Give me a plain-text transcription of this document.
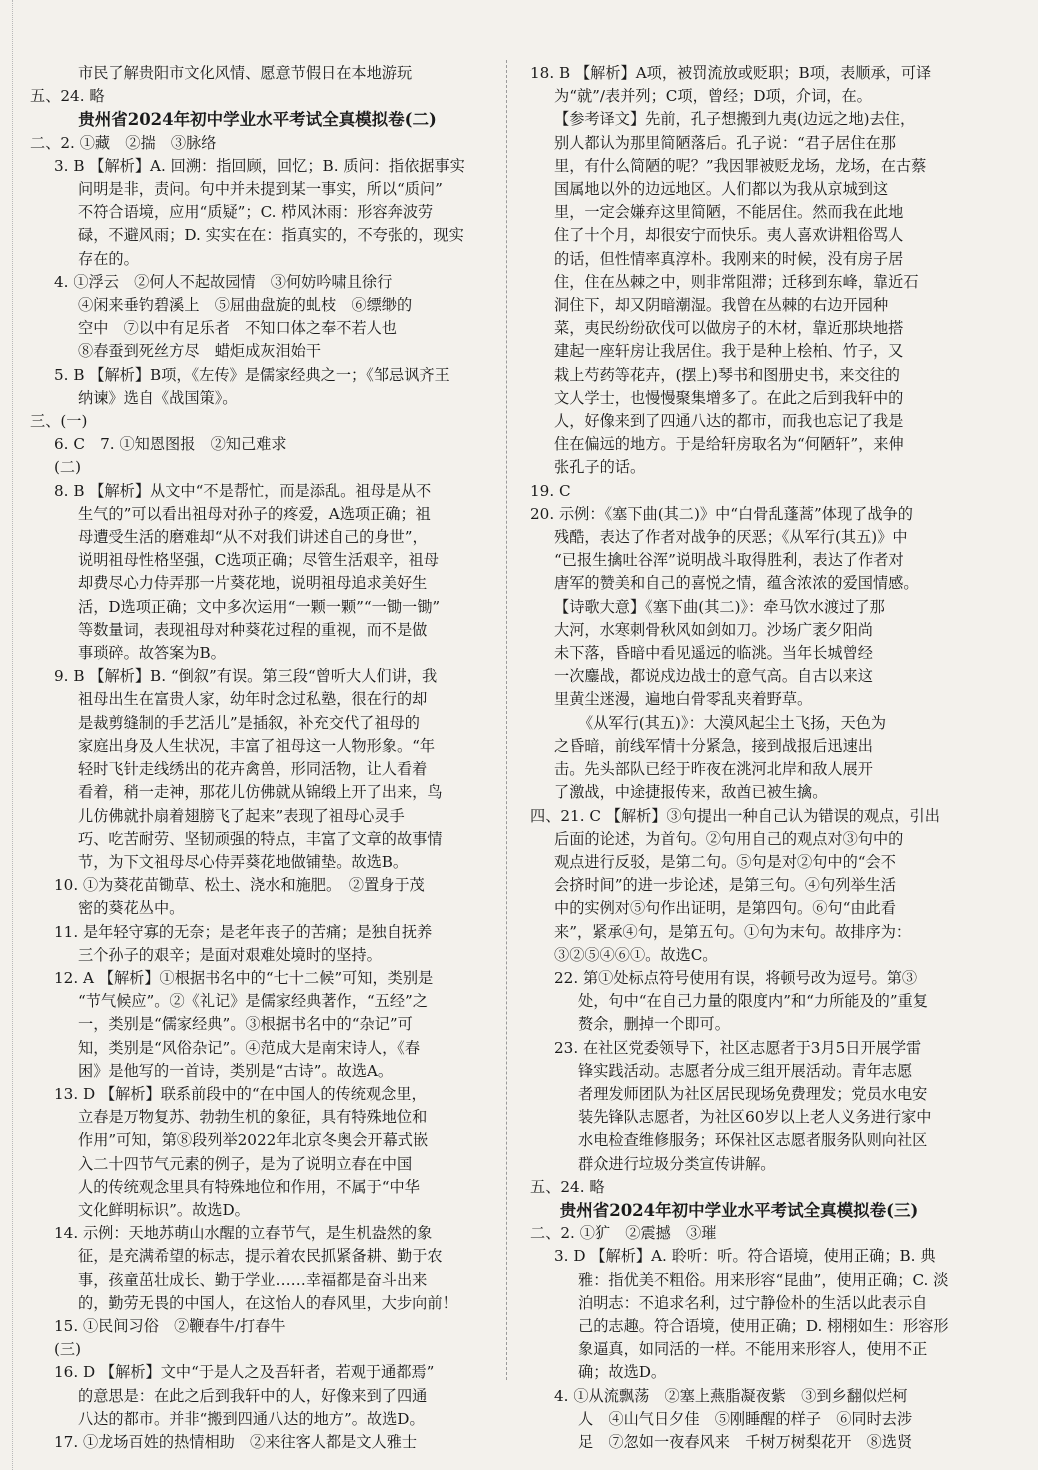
市民了解贵阳市文化风情、愿意节假日在本地游玩
五、24. 略
贵州省2024年初中学业水平考试全真模拟卷(二)
二、2. ①藏　②揣　③脉络
3. B 【解析】A. 回溯：指回顾，回忆；B. 质问：指依据事实
问明是非，责问。句中并未提到某一事实，所以“质问”
不符合语境，应用“质疑”；C. 栉风沐雨：形容奔波劳
碌，不避风雨；D. 实实在在：指真实的，不夸张的，现实
存在的。
4. ①浮云　②何人不起故园情　③何妨吟啸且徐行
④闲来垂钓碧溪上　⑤屈曲盘旋的虬枝　⑥缥缈的
空中　⑦以中有足乐者　不知口体之奉不若人也
⑧春蚕到死丝方尽　蜡炬成灰泪始干
5. B 【解析】B项，《左传》是儒家经典之一；《邹忌讽齐王
纳谏》选自《战国策》。
三、(一)
6. C　7. ①知恩图报　②知己难求
(二)
8. B 【解析】从文中“不是帮忙，而是添乱。祖母是从不
生气的”可以看出祖母对孙子的疼爱，A选项正确；祖
母遭受生活的磨难却“从不对我们讲述自己的身世”，
说明祖母性格坚强，C选项正确；尽管生活艰辛，祖母
却费尽心力侍弄那一片葵花地，说明祖母追求美好生
活，D选项正确；文中多次运用“一颗一颗”“一锄一锄”
等数量词，表现祖母对种葵花过程的重视，而不是做
事琐碎。故答案为B。
9. B 【解析】B. “倒叙”有误。第三段“曾听大人们讲，我
祖母出生在富贵人家，幼年时念过私塾，很在行的却
是裁剪缝制的手艺活儿”是插叙，补充交代了祖母的
家庭出身及人生状况，丰富了祖母这一人物形象。“年
轻时飞针走线绣出的花卉禽兽，形同活物，让人看着
看着，稍一走神，那花儿仿佛就从锦缎上开了出来，鸟
儿仿佛就扑扇着翅膀飞了起来”表现了祖母心灵手
巧、吃苦耐劳、坚韧顽强的特点，丰富了文章的故事情
节，为下文祖母尽心侍弄葵花地做铺垫。故选B。
10. ①为葵花苗锄草、松土、浇水和施肥。　②置身于茂
密的葵花丛中。
11. 是年轻守寡的无奈；是老年丧子的苦痛；是独自抚养
三个孙子的艰辛；是面对艰难处境时的坚持。
12. A 【解析】①根据书名中的“七十二候”可知，类别是
“节气候应”。②《礼记》是儒家经典著作，“五经”之
一，类别是“儒家经典”。③根据书名中的“杂记”可
知，类别是“风俗杂记”。④范成大是南宋诗人，《春
困》是他写的一首诗，类别是“古诗”。故选A。
13. D 【解析】联系前段中的“在中国人的传统观念里，
立春是万物复苏、勃勃生机的象征，具有特殊地位和
作用”可知，第⑧段列举2022年北京冬奥会开幕式嵌
入二十四节气元素的例子，是为了说明立春在中国
人的传统观念里具有特殊地位和作用，不属于“中华
文化鲜明标识”。故选D。
14. 示例：天地苏萌山水醒的立春节气，是生机盎然的象
征，是充满希望的标志，提示着农民抓紧备耕、勤于农
事，孩童茁壮成长、勤于学业……幸福都是奋斗出来
的，勤劳无畏的中国人，在这怡人的春风里，大步向前！
15. ①民间习俗　②鞭春牛/打春牛
(三)
16. D 【解析】文中“于是人之及吾轩者，若观于通都焉”
的意思是：在此之后到我轩中的人，好像来到了四通
八达的都市。并非“搬到四通八达的地方”。故选D。
17. ①龙场百姓的热情相助　②来往客人都是文人雅士
18. B 【解析】A项，被罚流放或贬职；B项，表顺承，可译
为“就”/表并列；C项，曾经；D项，介词，在。
【参考译文】先前，孔子想搬到九夷(边远之地)去住，
别人都认为那里简陋落后。孔子说：“君子居住在那
里，有什么简陋的呢？”我因罪被贬龙场，龙场，在古蔡
国属地以外的边远地区。人们都以为我从京城到这
里，一定会嫌弃这里简陋，不能居住。然而我在此地
住了十个月，却很安宁而快乐。夷人喜欢讲粗俗骂人
的话，但性情率真淳朴。我刚来的时候，没有房子居
住，住在丛棘之中，则非常阻滞；迁移到东峰，靠近石
洞住下，却又阴暗潮湿。我曾在丛棘的右边开园种
菜，夷民纷纷砍伐可以做房子的木材，靠近那块地搭
建起一座轩房让我居住。我于是种上桧柏、竹子，又
栽上芍药等花卉，(摆上)琴书和图册史书，来交往的
文人学士，也慢慢聚集增多了。在此之后到我轩中的
人，好像来到了四通八达的都市，而我也忘记了我是
住在偏远的地方。于是给轩房取名为“何陋轩”，来伸
张孔子的话。
19. C
20. 示例：《塞下曲(其二)》中“白骨乱蓬蒿”体现了战争的
残酷，表达了作者对战争的厌恶；《从军行(其五)》中
“已报生擒吐谷浑”说明战斗取得胜利，表达了作者对
唐军的赞美和自己的喜悦之情，蕴含浓浓的爱国情感。
【诗歌大意】《塞下曲(其二)》：牵马饮水渡过了那
大河，水寒刺骨秋风如剑如刀。沙场广袤夕阳尚
未下落，昏暗中看见遥远的临洮。当年长城曾经
一次鏖战，都说戍边战士的意气高。自古以来这
里黄尘迷漫，遍地白骨零乱夹着野草。
《从军行(其五)》：大漠风起尘土飞扬，天色为
之昏暗，前线军情十分紧急，接到战报后迅速出
击。先头部队已经于昨夜在洮河北岸和敌人展开
了激战，中途捷报传来，敌酋已被生擒。
四、21. C 【解析】③句提出一种自己认为错误的观点，引出
后面的论述，为首句。②句用自己的观点对③句中的
观点进行反驳，是第二句。⑤句是对②句中的“会不
会挤时间”的进一步论述，是第三句。④句列举生活
中的实例对⑤句作出证明，是第四句。⑥句“由此看
来”，紧承④句，是第五句。①句为末句。故排序为：
③②⑤④⑥①。故选C。
22. 第①处标点符号使用有误，将顿号改为逗号。第③
处，句中“在自己力量的限度内”和“力所能及的”重复
赘余，删掉一个即可。
23. 在社区党委领导下，社区志愿者于3月5日开展学雷
锋实践活动。志愿者分成三组开展活动。青年志愿
者理发师团队为社区居民现场免费理发；党员水电安
装先锋队志愿者，为社区60岁以上老人义务进行家中
水电检查维修服务；环保社区志愿者服务队则向社区
群众进行垃圾分类宣传讲解。
五、24. 略
贵州省2024年初中学业水平考试全真模拟卷(三)
二、2. ①犷　②震撼　③璀
3. D 【解析】A. 聆听：听。符合语境，使用正确；B. 典
雅：指优美不粗俗。用来形容“昆曲”，使用正确；C. 淡
泊明志：不追求名利，过宁静俭朴的生活以此表示自
己的志趣。符合语境，使用正确；D. 栩栩如生：形容形
象逼真，如同活的一样。不能用来形容人，使用不正
确；故选D。
4. ①从流飘荡　②塞上燕脂凝夜紫　③到乡翻似烂柯
人　④山气日夕佳　⑤刚睡醒的样子　⑥同时去涉
足　⑦忽如一夜春风来　千树万树梨花开　⑧选贤
